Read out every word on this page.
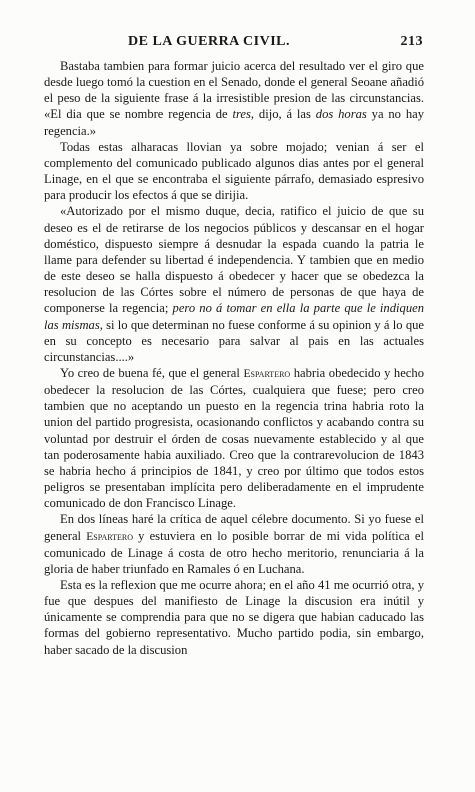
DE LA GUERRA CIVIL.	213

Bastaba tambien para formar juicio acerca del resultado ver el giro que desde luego tomó la cuestion en el Senado, donde el general Seoane añadió el peso de la siguiente frase á la irresistible presion de las circunstancias. «El dia que se nombre regencia de tres, dijo, á las dos horas ya no hay regencia.»

Todas estas alharacas llovian ya sobre mojado; venian á ser el complemento del comunicado publicado algunos dias antes por el general Linage, en el que se encontraba el siguiente párrafo, demasiado espresivo para producir los efectos á que se dirijia.

«Autorizado por el mismo duque, decia, ratifico el juicio de que su deseo es el de retirarse de los negocios públicos y descansar en el hogar doméstico, dispuesto siempre á desnudar la espada cuando la patria le llame para defender su libertad é independencia. Y tambien que en medio de este deseo se halla dispuesto á obedecer y hacer que se obedezca la resolucion de las Córtes sobre el número de personas de que haya de componerse la regencia; pero no á tomar en ella la parte que le indiquen las mismas, si lo que determinan no fuese conforme á su opinion y á lo que en su concepto es necesario para salvar al pais en las actuales circunstancias....»

Yo creo de buena fé, que el general Espartero habria obedecido y hecho obedecer la resolucion de las Córtes, cualquiera que fuese; pero creo tambien que no aceptando un puesto en la regencia trina habria roto la union del partido progresista, ocasionando conflictos y acabando contra su voluntad por destruir el órden de cosas nuevamente establecido y al que tan poderosamente habia auxiliado. Creo que la contrarevolucion de 1843 se habria hecho á principios de 1841, y creo por último que todos estos peligros se presentaban implícita pero deliberadamente en el imprudente comunicado de don Francisco Linage.

En dos líneas haré la crítica de aquel célebre documento. Si yo fuese el general Espartero y estuviera en lo posible borrar de mi vida política el comunicado de Linage á costa de otro hecho meritorio, renunciaria á la gloria de haber triunfado en Ramales ó en Luchana.

Esta es la reflexion que me ocurre ahora; en el año 41 me ocurrió otra, y fue que despues del manifiesto de Linage la discusion era inútil y únicamente se comprendia para que no se digera que habian caducado las formas del gobierno representativo. Mucho partido podia, sin embargo, haber sacado de la discusion
